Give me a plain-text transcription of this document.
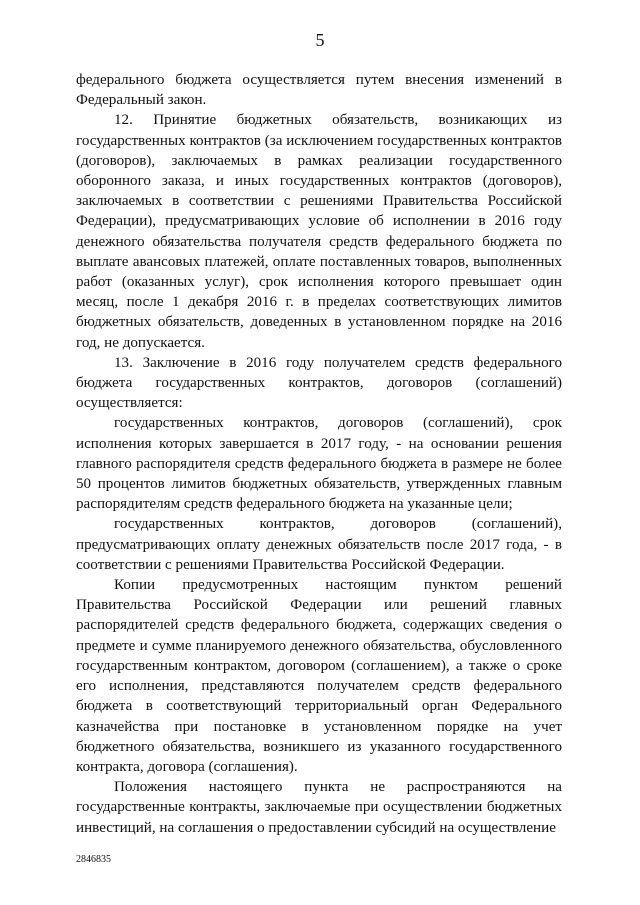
5

федерального бюджета осуществляется путем внесения изменений в Федеральный закон.

12. Принятие бюджетных обязательств, возникающих из государственных контрактов (за исключением государственных контрактов (договоров), заключаемых в рамках реализации государственного оборонного заказа, и иных государственных контрактов (договоров), заключаемых в соответствии с решениями Правительства Российской Федерации), предусматривающих условие об исполнении в 2016 году денежного обязательства получателя средств федерального бюджета по выплате авансовых платежей, оплате поставленных товаров, выполненных работ (оказанных услуг), срок исполнения которого превышает один месяц, после 1 декабря 2016 г. в пределах соответствующих лимитов бюджетных обязательств, доведенных в установленном порядке на 2016 год, не допускается.

13. Заключение в 2016 году получателем средств федерального бюджета государственных контрактов, договоров (соглашений) осуществляется:

государственных контрактов, договоров (соглашений), срок исполнения которых завершается в 2017 году, - на основании решения главного распорядителя средств федерального бюджета в размере не более 50 процентов лимитов бюджетных обязательств, утвержденных главным распорядителям средств федерального бюджета на указанные цели;

государственных контрактов, договоров (соглашений), предусматривающих оплату денежных обязательств после 2017 года, - в соответствии с решениями Правительства Российской Федерации.

Копии предусмотренных настоящим пунктом решений Правительства Российской Федерации или решений главных распорядителей средств федерального бюджета, содержащих сведения о предмете и сумме планируемого денежного обязательства, обусловленного государственным контрактом, договором (соглашением), а также о сроке его исполнения, представляются получателем средств федерального бюджета в соответствующий территориальный орган Федерального казначейства при постановке в установленном порядке на учет бюджетного обязательства, возникшего из указанного государственного контракта, договора (соглашения).

Положения настоящего пункта не распространяются на государственные контракты, заключаемые при осуществлении бюджетных инвестиций, на соглашения о предоставлении субсидий на осуществление

2846835
